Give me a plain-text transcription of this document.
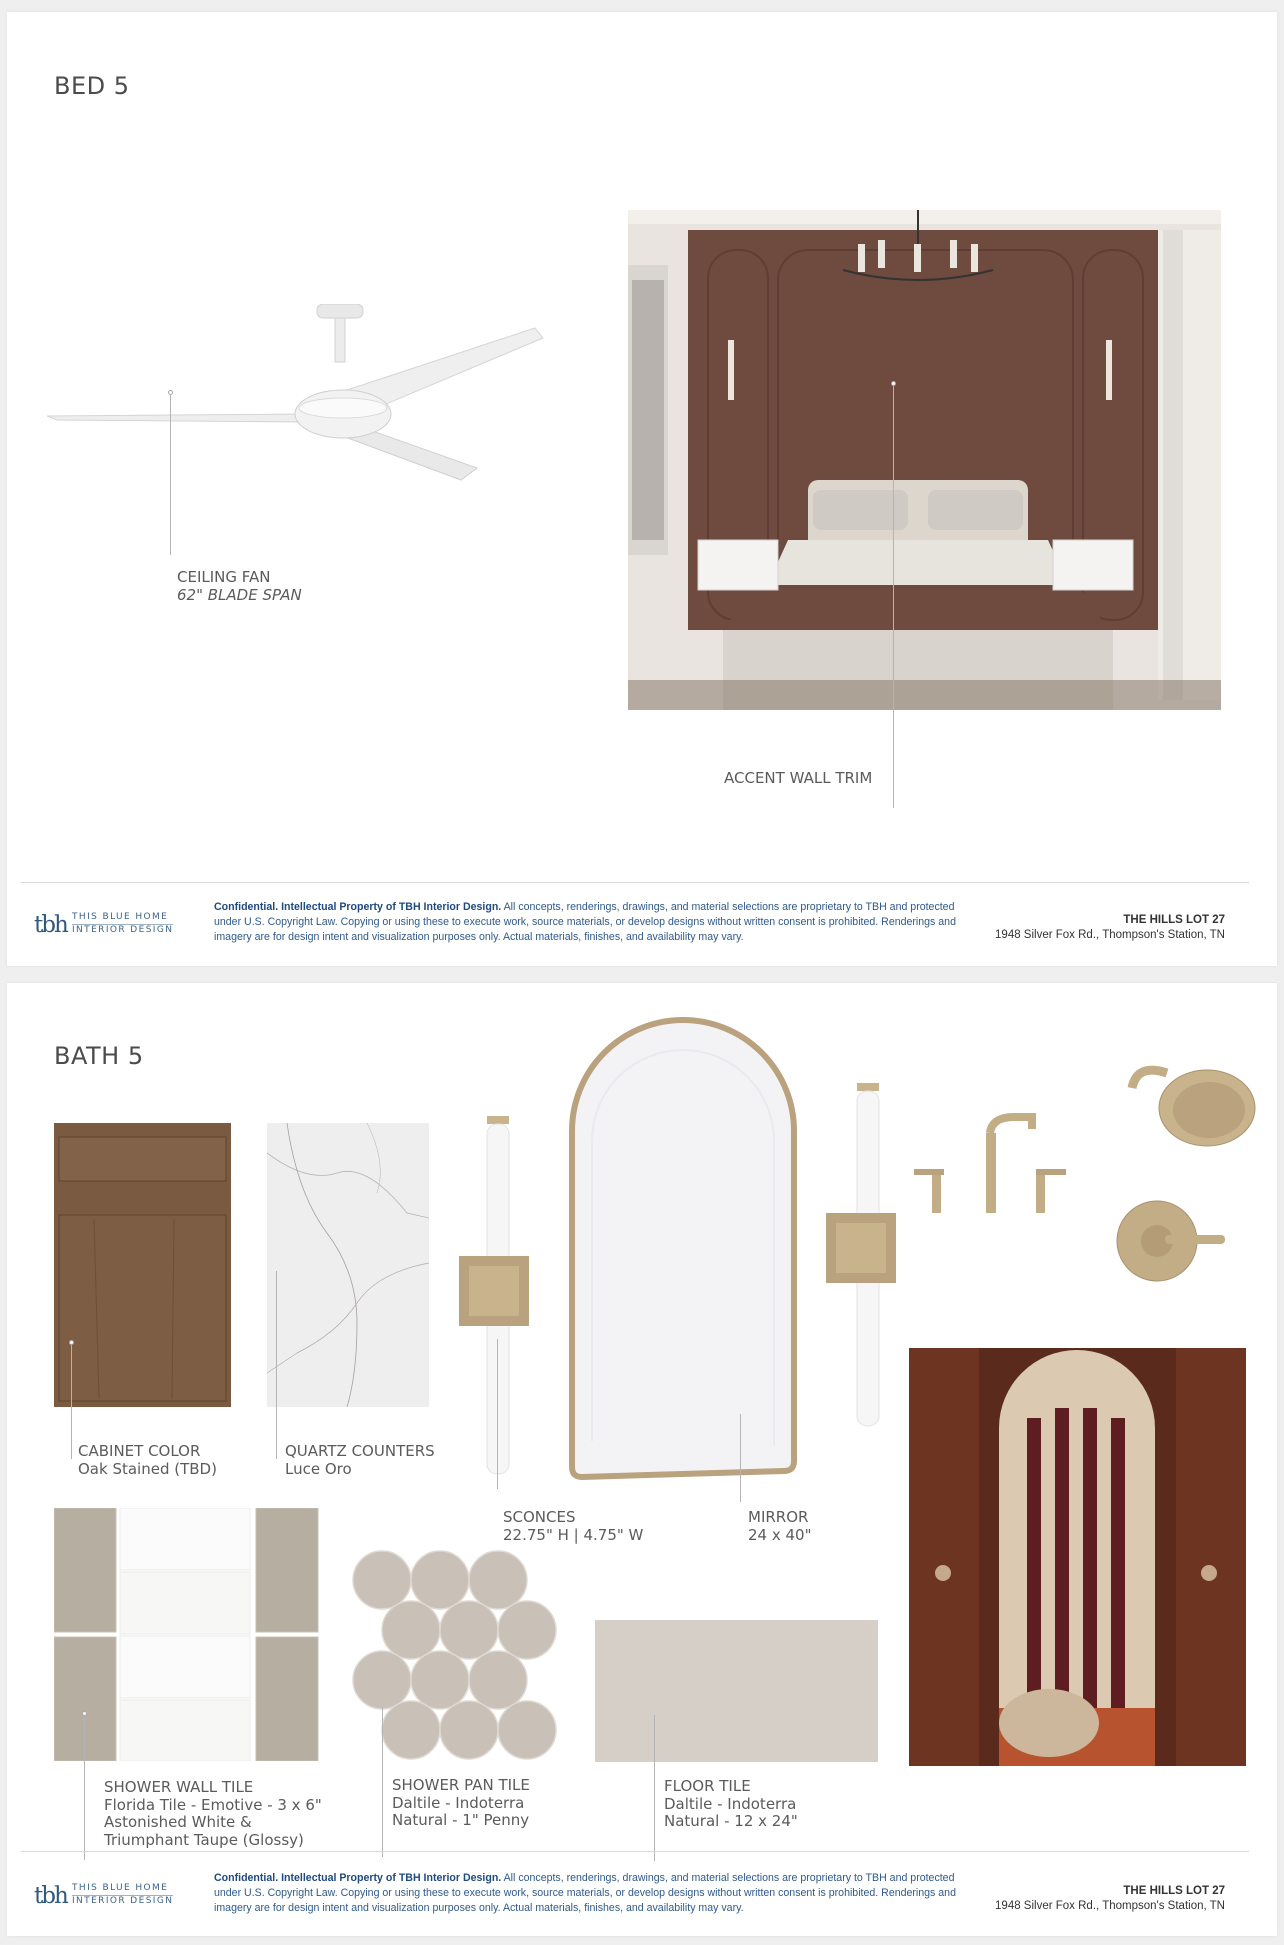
BED 5
CEILING FAN
62" BLADE SPAN
ACCENT WALL TRIM
tbh THIS BLUE HOME
INTERIOR DESIGN
Confidential. Intellectual Property of TBH Interior Design. All concepts, renderings, drawings, and material selections are proprietary to TBH and protected under U.S. Copyright Law. Copying or using these to execute work, source materials, or develop designs without written consent is prohibited. Renderings and imagery are for design intent and visualization purposes only. Actual materials, finishes, and availability may vary.
THE HILLS LOT 27
1948 Silver Fox Rd., Thompson's Station, TN
BATH 5
CABINET COLOR
Oak Stained (TBD)
QUARTZ COUNTERS
Luce Oro
SCONCES
22.75" H | 4.75" W
MIRROR
24 x 40"
SHOWER WALL TILE
Florida Tile - Emotive - 3 x 6"
Astonished White &
Triumphant Taupe (Glossy)
SHOWER PAN TILE
Daltile - Indoterra
Natural - 1" Penny
FLOOR TILE
Daltile - Indoterra
Natural - 12 x 24"
tbh THIS BLUE HOME
INTERIOR DESIGN
Confidential. Intellectual Property of TBH Interior Design. All concepts, renderings, drawings, and material selections are proprietary to TBH and protected under U.S. Copyright Law. Copying or using these to execute work, source materials, or develop designs without written consent is prohibited. Renderings and imagery are for design intent and visualization purposes only. Actual materials, finishes, and availability may vary.
THE HILLS LOT 27
1948 Silver Fox Rd., Thompson's Station, TN
